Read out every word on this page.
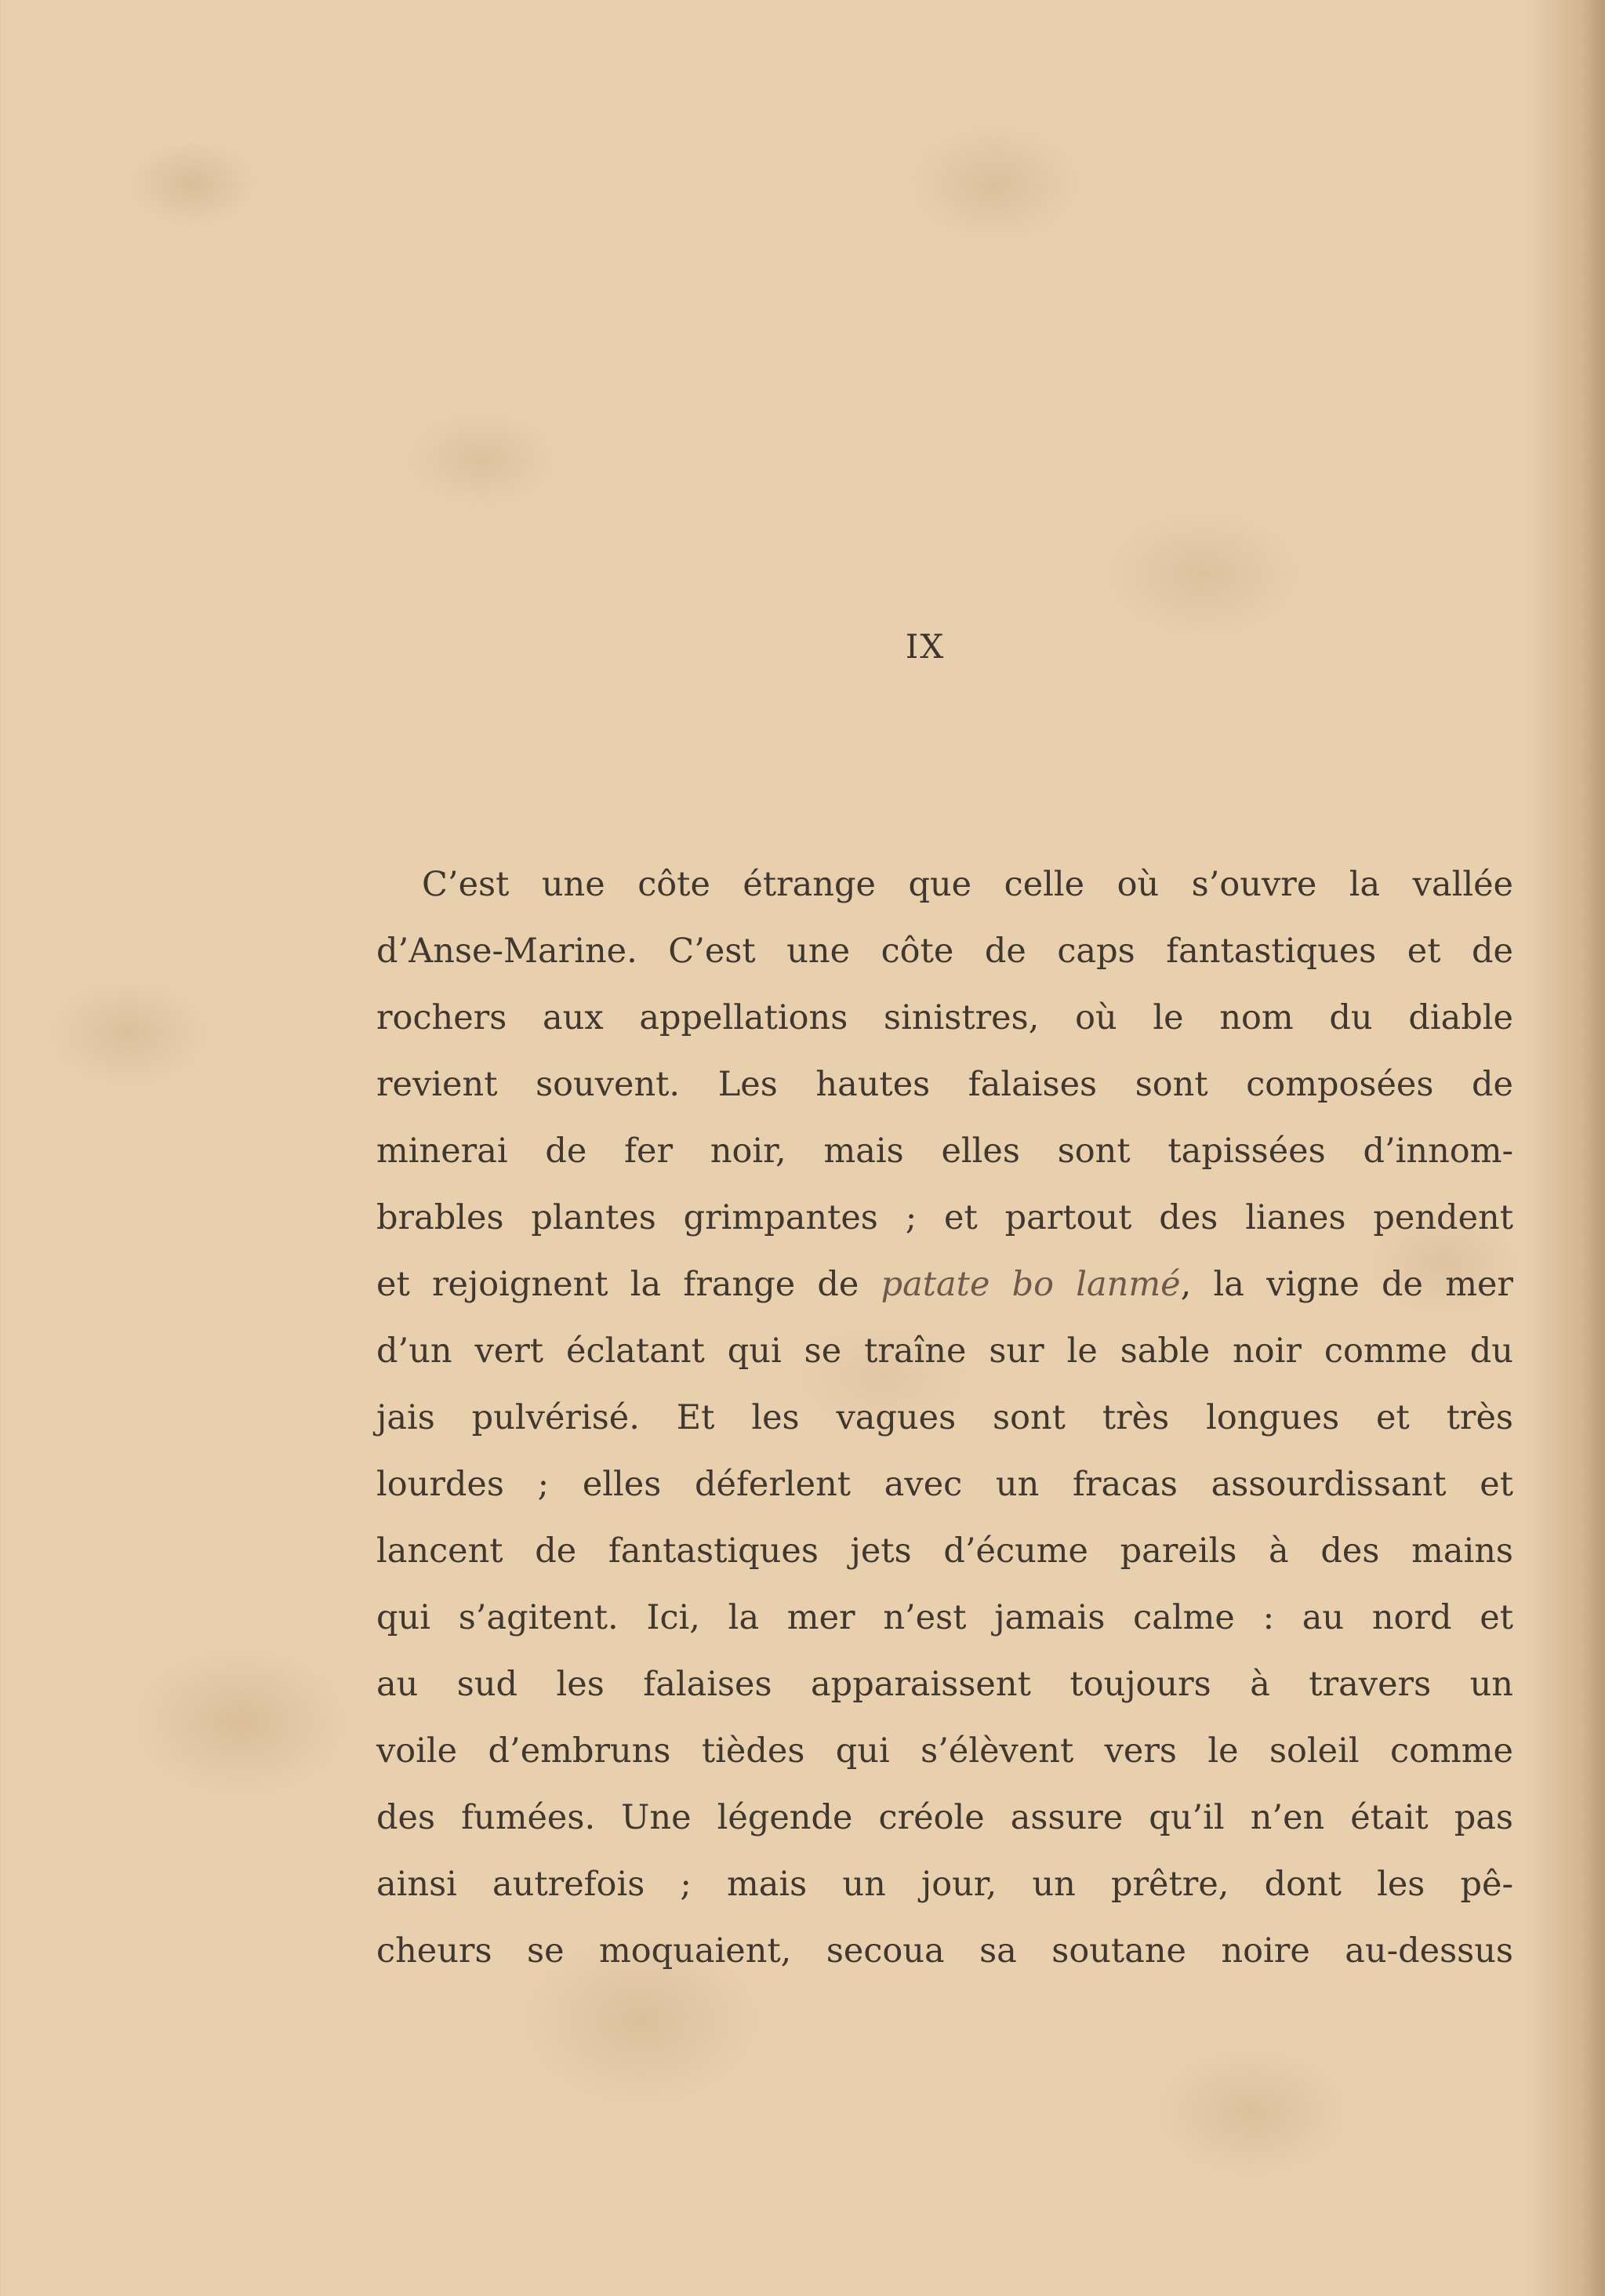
IX
C’est une côte étrange que celle où s’ouvre la vallée
d’Anse-Marine. C’est une côte de caps fantastiques et de
rochers aux appellations sinistres, où le nom du diable
revient souvent. Les hautes falaises sont composées de
minerai de fer noir, mais elles sont tapissées d’innom-
brables plantes grimpantes ; et partout des lianes pendent
et rejoignent la frange de patate bo lanmé, la vigne de mer
d’un vert éclatant qui se traîne sur le sable noir comme du
jais pulvérisé. Et les vagues sont très longues et très
lourdes ; elles déferlent avec un fracas assourdissant et
lancent de fantastiques jets d’écume pareils à des mains
qui s’agitent. Ici, la mer n’est jamais calme : au nord et
au sud les falaises apparaissent toujours à travers un
voile d’embruns tièdes qui s’élèvent vers le soleil comme
des fumées. Une légende créole assure qu’il n’en était pas
ainsi autrefois ; mais un jour, un prêtre, dont les pê-
cheurs se moquaient, secoua sa soutane noire au-dessus
